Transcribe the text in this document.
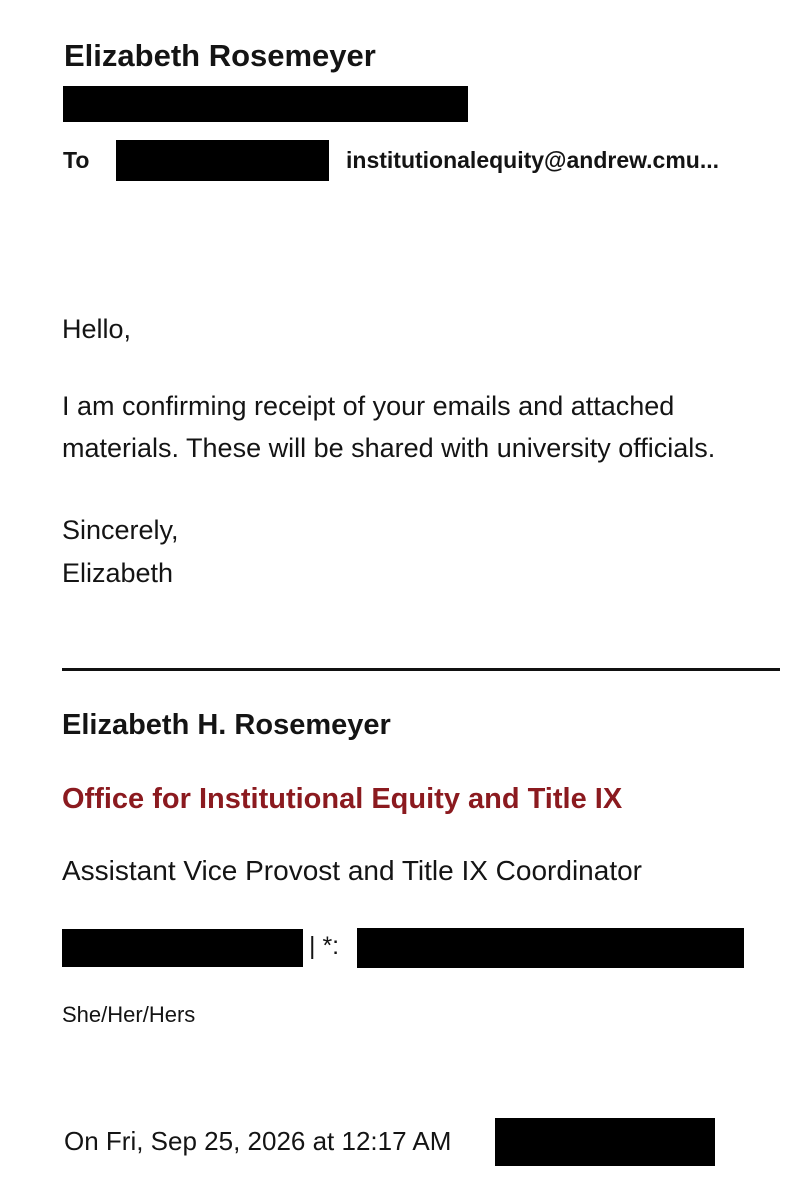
Elizabeth Rosemeyer
To	institutionalequity@andrew.cmu...
Hello,
I am confirming receipt of your emails and attached
materials. These will be shared with university officials.
Sincerely,
Elizabeth
Elizabeth H. Rosemeyer
Office for Institutional Equity and Title IX
Assistant Vice Provost and Title IX Coordinator
| *:
She/Her/Hers
On Fri, Sep 25, 2026 at 12:17 AM
